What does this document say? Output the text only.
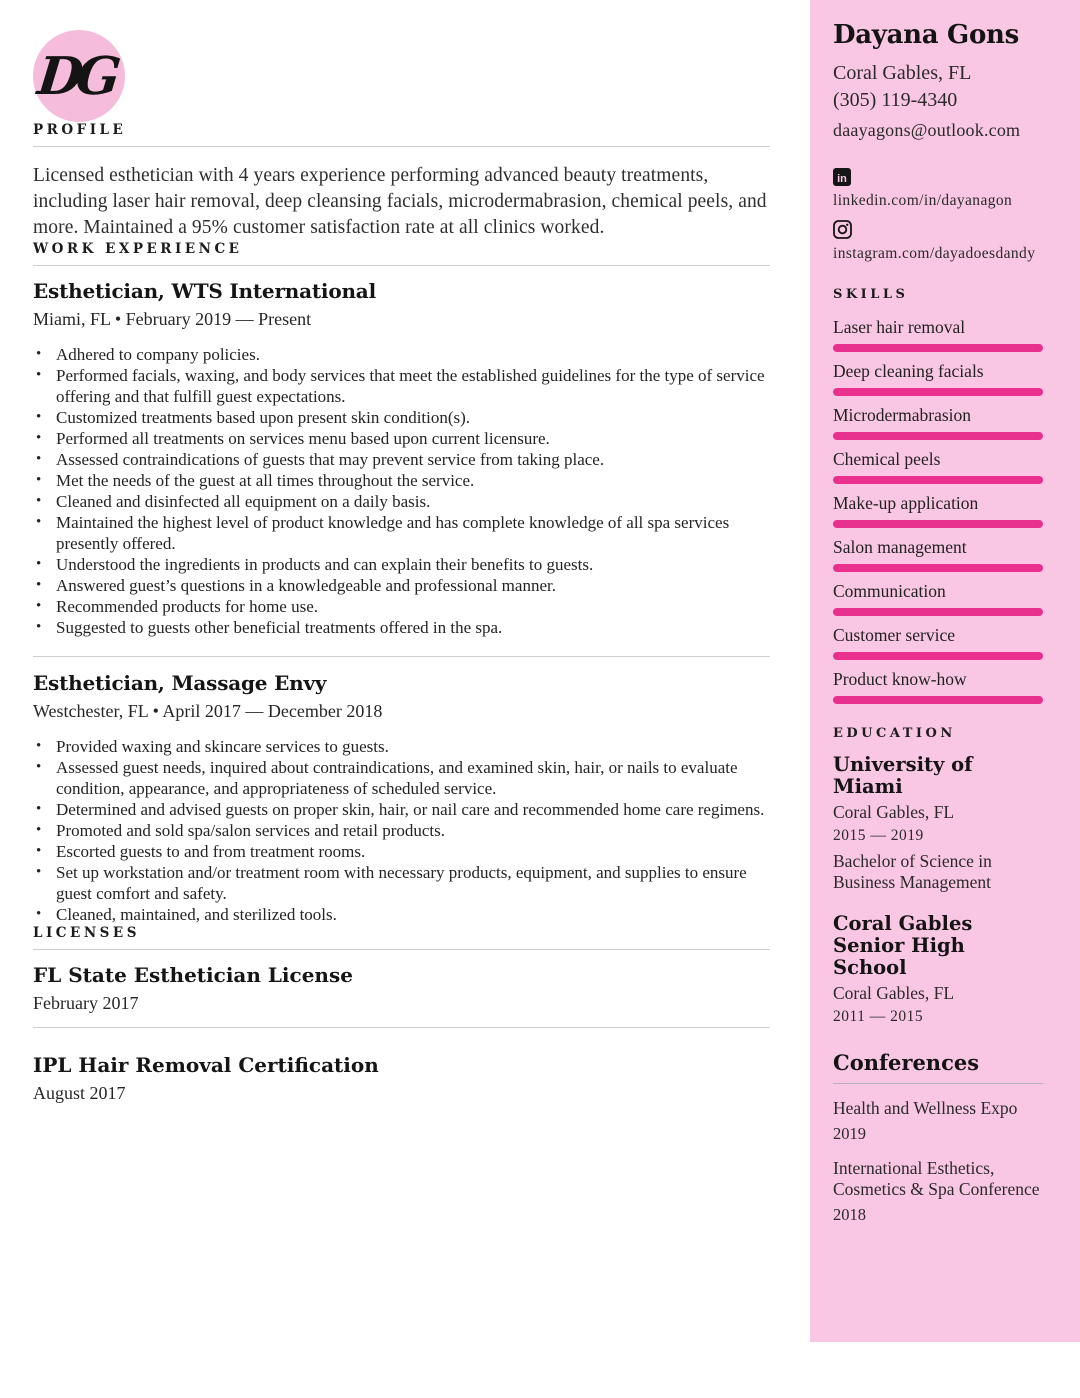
DG
PROFILE

Licensed esthetician with 4 years experience performing advanced beauty treatments, including laser hair removal, deep cleansing facials, microdermabrasion, chemical peels, and more. Maintained a 95% customer satisfaction rate at all clinics worked.

WORK EXPERIENCE
Esthetician, WTS International
Miami, FL • February 2019 — Present
• Adhered to company policies.
• Performed facials, waxing, and body services that meet the established guidelines for the type of service offering and that fulfill guest expectations.
• Customized treatments based upon present skin condition(s).
• Performed all treatments on services menu based upon current licensure.
• Assessed contraindications of guests that may prevent service from taking place.
• Met the needs of the guest at all times throughout the service.
• Cleaned and disinfected all equipment on a daily basis.
• Maintained the highest level of product knowledge and has complete knowledge of all spa services presently offered.
• Understood the ingredients in products and can explain their benefits to guests.
• Answered guest’s questions in a knowledgeable and professional manner.
• Recommended products for home use.
• Suggested to guests other beneficial treatments offered in the spa.
Esthetician, Massage Envy
Westchester, FL • April 2017 — December 2018
• Provided waxing and skincare services to guests.
• Assessed guest needs, inquired about contraindications, and examined skin, hair, or nails to evaluate condition, appearance, and appropriateness of scheduled service.
• Determined and advised guests on proper skin, hair, or nail care and recommended home care regimens.
• Promoted and sold spa/salon services and retail products.
• Escorted guests to and from treatment rooms.
• Set up workstation and/or treatment room with necessary products, equipment, and supplies to ensure guest comfort and safety.
• Cleaned, maintained, and sterilized tools.
LICENSES
FL State Esthetician License
February 2017
IPL Hair Removal Certification
August 2017
Dayana Gons
Coral Gables, FL
(305) 119-4340
daayagons@outlook.com
in
linkedin.com/in/dayanagon
instagram.com/dayadoesdandy
SKILLS
Laser hair removal
Deep cleaning facials
Microdermabrasion
Chemical peels
Make-up application
Salon management
Communication
Customer service
Product know-how
EDUCATION
University of Miami
Coral Gables, FL
2015 — 2019
Bachelor of Science in Business Management
Coral Gables Senior High School
Coral Gables, FL
2011 — 2015
Conferences
Health and Wellness Expo
2019
International Esthetics, Cosmetics & Spa Conference
2018
